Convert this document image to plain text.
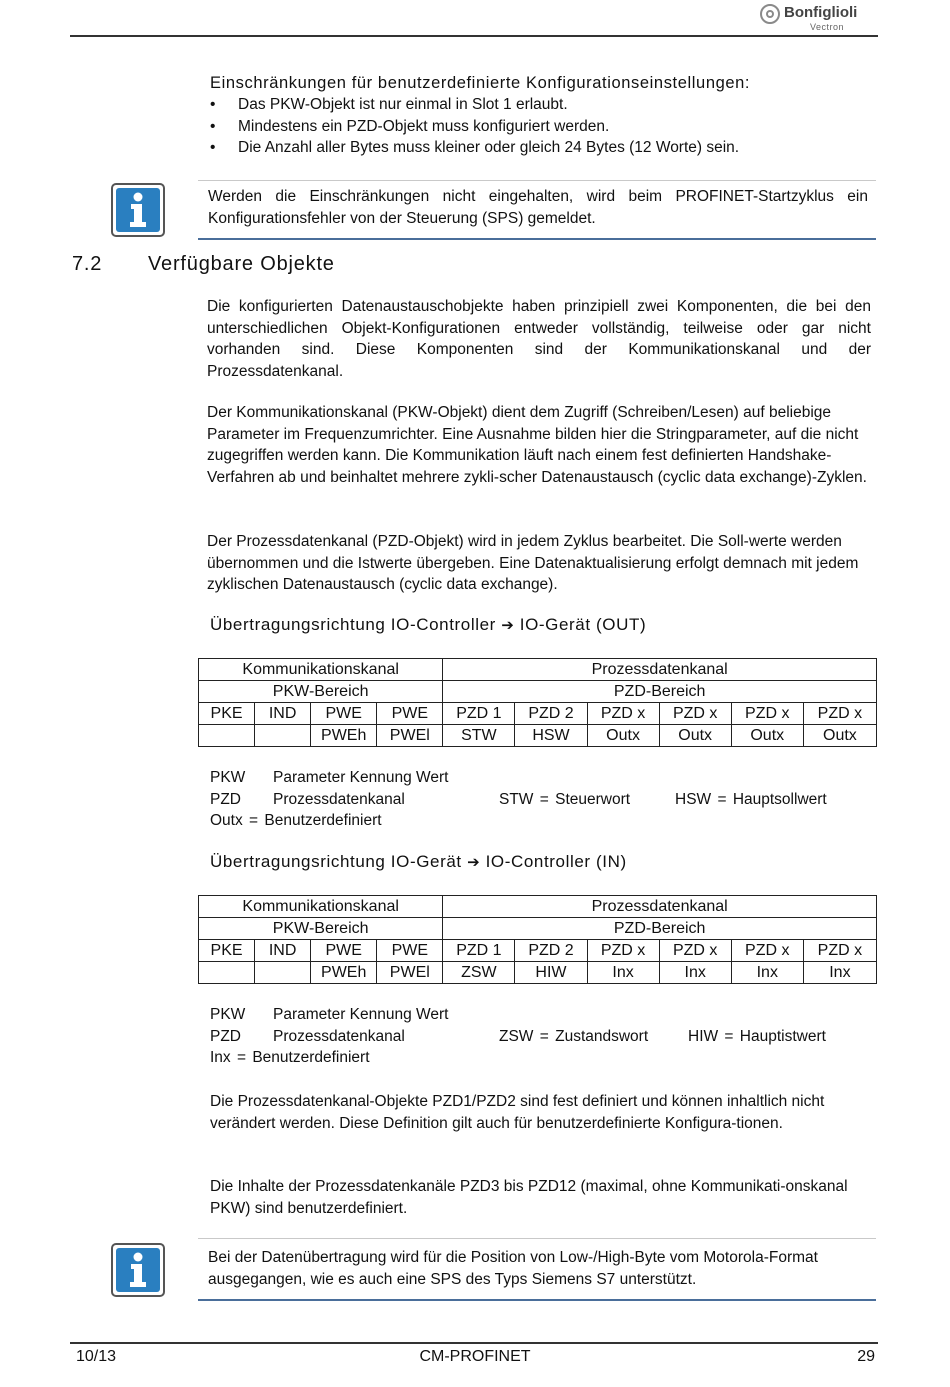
Bonfiglioli
Vectron
Einschränkungen für benutzerdefinierte Konfigurationseinstellungen:
• Das PKW-Objekt ist nur einmal in Slot 1 erlaubt.
• Mindestens ein PZD-Objekt muss konfiguriert werden.
• Die Anzahl aller Bytes muss kleiner oder gleich 24 Bytes (12 Worte) sein.
Werden die Einschränkungen nicht eingehalten, wird beim PROFINET-Startzyklus ein Konfigurationsfehler von der Steuerung (SPS) gemeldet.
7.2 Verfügbare Objekte
Die konfigurierten Datenaustauschobjekte haben prinzipiell zwei Komponenten, die bei den unterschiedlichen Objekt-Konfigurationen entweder vollständig, teilweise oder gar nicht vorhanden sind. Diese Komponenten sind der Kommunikationskanal und der Prozessdatenkanal.
Der Kommunikationskanal (PKW-Objekt) dient dem Zugriff (Schreiben/Lesen) auf beliebige Parameter im Frequenzumrichter. Eine Ausnahme bilden hier die Stringparameter, auf die nicht zugegriffen werden kann. Die Kommunikation läuft nach einem fest definierten Handshake-Verfahren ab und beinhaltet mehrere zykli-scher Datenaustausch (cyclic data exchange)-Zyklen.
Der Prozessdatenkanal (PZD-Objekt) wird in jedem Zyklus bearbeitet. Die Soll-werte werden übernommen und die Istwerte übergeben. Eine Datenaktualisierung erfolgt demnach mit jedem zyklischen Datenaustausch (cyclic data exchange).
Übertragungsrichtung IO-Controller ➔ IO-Gerät (OUT)
Kommunikationskanal				Prozessdatenkanal					
PKW-Bereich				PZD-Bereich					
PKE	IND	PWE	PWE	PZD 1	PZD 2	PZD x	PZD x	PZD x	PZD x
		PWEh	PWEl	STW	HSW	Outx	Outx	Outx	Outx
PKW Parameter Kennung Wert
PZD Prozessdatenkanal	STW = Steuerwort	HSW = Hauptsollwert
Outx = Benutzerdefiniert
Übertragungsrichtung IO-Gerät ➔ IO-Controller (IN)
Kommunikationskanal				Prozessdatenkanal					
PKW-Bereich				PZD-Bereich					
PKE	IND	PWE	PWE	PZD 1	PZD 2	PZD x	PZD x	PZD x	PZD x
		PWEh	PWEl	ZSW	HIW	Inx	Inx	Inx	Inx
PKW Parameter Kennung Wert
PZD Prozessdatenkanal	ZSW = Zustandswort	HIW = Hauptistwert
Inx = Benutzerdefiniert
Die Prozessdatenkanal-Objekte PZD1/PZD2 sind fest definiert und können inhaltlich nicht verändert werden. Diese Definition gilt auch für benutzerdefinierte Konfigura-tionen.
Die Inhalte der Prozessdatenkanäle PZD3 bis PZD12 (maximal, ohne Kommunikati-onskanal PKW) sind benutzerdefiniert.
Bei der Datenübertragung wird für die Position von Low-/High-Byte vom Motorola-Format ausgegangen, wie es auch eine SPS des Typs Siemens S7 unterstützt.
10/13	CM-PROFINET	29
